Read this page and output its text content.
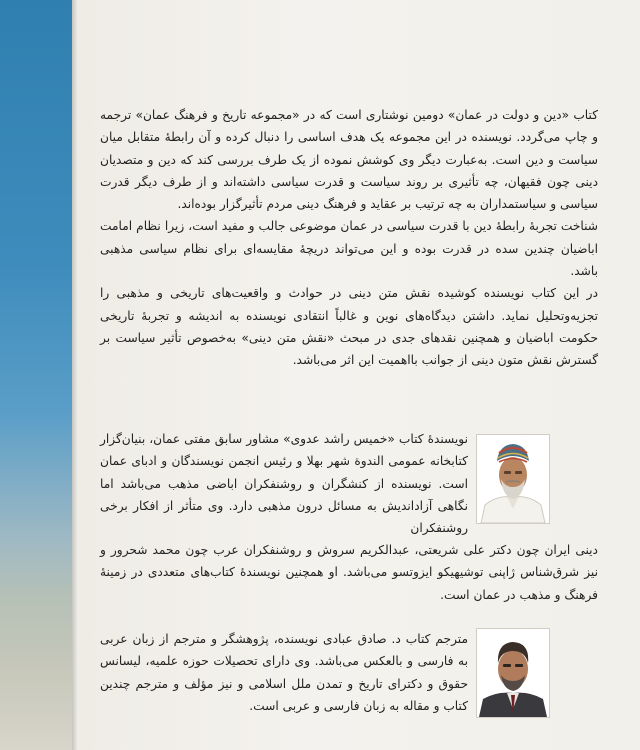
کتاب «دین و دولت در عمان» دومین نوشتاری است که در «مجموعه تاریخ و فرهنگ عمان» ترجمه و چاپ می‌گردد. نویسنده در این مجموعه یک هدف اساسی را دنبال کرده و آن رابطهٔ متقابل میان سیاست و دین است. به‌عبارت دیگر وی کوشش نموده از یک طرف بررسی کند که دین و متصدیان دینی چون فقیهان، چه تأثیری بر روند سیاست و قدرت سیاسی داشته‌اند و از طرف دیگر قدرت سیاسی و سیاستمداران به چه ترتیب بر عقاید و فرهنگ دینی مردم تأثیرگزار بوده‌اند.

شناخت تجربهٔ رابطهٔ دین با قدرت سیاسی در عمان موضوعی جالب و مفید است، زیرا نظام امامت اباضیان چندین سده در قدرت بوده و این می‌تواند دریچهٔ مقایسه‌ای برای نظام سیاسی مذهبی باشد.

در این کتاب نویسنده کوشیده نقش متن دینی در حوادث و واقعیت‌های تاریخی و مذهبی را تجزیه‌وتحلیل نماید. داشتن دیدگاه‌های نوین و غالباً انتقادی نویسنده به اندیشه و تجربهٔ تاریخی حکومت اباضیان و همچنین نقدهای جدی در مبحث «نقش متن دینی» به‌خصوص تأثیر سیاست بر گسترش نقش متون دینی از جوانب با‌اهمیت این اثر می‌باشد.

نویسندهٔ کتاب «خمیس راشد عدوی» مشاور سابق مفتی عمان، بنیان‌گزار کتابخانه عمومی الندوة شهر بهلا و رئیس انجمن نویسندگان و ادبای عمان است. نویسنده از کنشگران و روشنفکران اباضی مذهب می‌باشد اما نگاهی آزاداندیش به مسائل درون مذهبی دارد. وی متأثر از افکار برخی روشنفکران
دینی ایران چون دکتر علی شریعتی، عبدالکریم سروش و روشنفکران عرب چون محمد شحرور و نیز شرق‌شناس ژاپنی توشیهیکو ایزوتسو می‌باشد. او همچنین نویسندهٔ کتاب‌های متعددی در زمینهٔ فرهنگ و مذهب در عمان است.
مترجم کتاب د. صادق عبادی نویسنده، پژوهشگر و مترجم از زبان عربی به فارسی و بالعکس می‌باشد. وی دارای تحصیلات حوزه علمیه، لیسانس حقوق و دکترای تاریخ و تمدن ملل اسلامی و نیز مؤلف و مترجم چندین کتاب و مقاله به زبان فارسی و عربی است.
